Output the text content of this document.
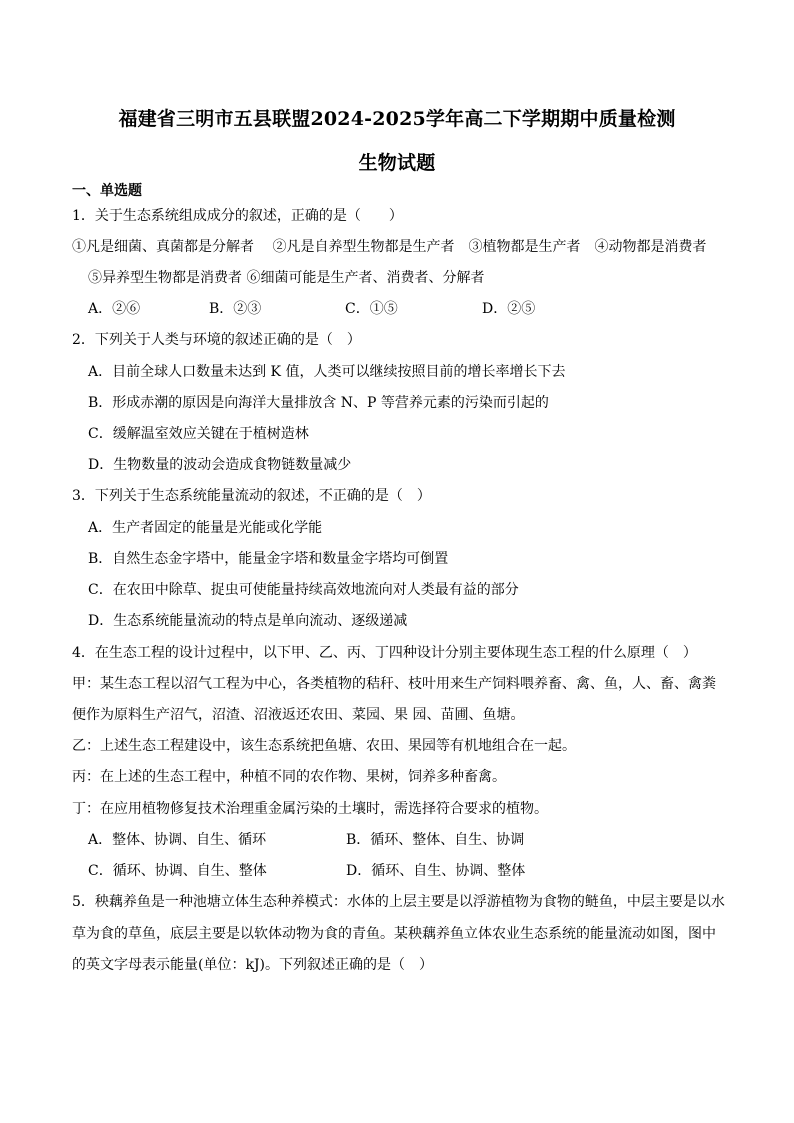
福建省三明市五县联盟2024-2025学年高二下学期期中质量检测
生物试题
一、单选题
1．关于生态系统组成成分的叙述，正确的是（　　）
①凡是细菌、真菌都是分解者　 ②凡是自养型生物都是生产者　③植物都是生产者　④动物都是消费者
⑤异养型生物都是消费者 ⑥细菌可能是生产者、消费者、分解者
A．②⑥	B．②③	C．①⑤	D．②⑤
2．下列关于人类与环境的叙述正确的是（　）
A．目前全球人口数量未达到 K 值，人类可以继续按照目前的增长率增长下去
B．形成赤潮的原因是向海洋大量排放含 N、P 等营养元素的污染而引起的
C．缓解温室效应关键在于植树造林
D．生物数量的波动会造成食物链数量减少
3．下列关于生态系统能量流动的叙述，不正确的是（　）
A．生产者固定的能量是光能或化学能
B．自然生态金字塔中，能量金字塔和数量金字塔均可倒置
C．在农田中除草、捉虫可使能量持续高效地流向对人类最有益的部分
D．生态系统能量流动的特点是单向流动、逐级递减
4．在生态工程的设计过程中，以下甲、乙、丙、丁四种设计分别主要体现生态工程的什么原理（　）
甲：某生态工程以沼气工程为中心，各类植物的秸秆、枝叶用来生产饲料喂养畜、禽、鱼，人、畜、禽粪
便作为原料生产沼气，沼渣、沼液返还农田、菜园、果 园、苗圃、鱼塘。
乙：上述生态工程建设中，该生态系统把鱼塘、农田、果园等有机地组合在一起。
丙：在上述的生态工程中，种植不同的农作物、果树，饲养多种畜禽。
丁：在应用植物修复技术治理重金属污染的土壤时，需选择符合要求的植物。
A．整体、协调、自生、循环	B．循环、整体、自生、协调
C．循环、协调、自生、整体	D．循环、自生、协调、整体
5．秧藕养鱼是一种池塘立体生态种养模式：水体的上层主要是以浮游植物为食物的鲢鱼，中层主要是以水
草为食的草鱼，底层主要是以软体动物为食的青鱼。某秧藕养鱼立体农业生态系统的能量流动如图，图中
的英文字母表示能量(单位：kJ)。下列叙述正确的是（　）
